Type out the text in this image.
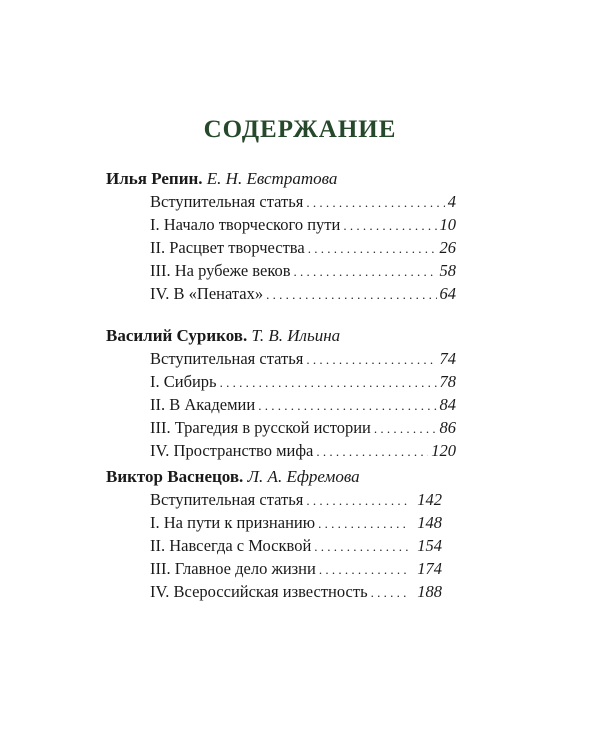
СОДЕРЖАНИЕ
Илья Репин. Е. Н. Евстратова
Вступительная статья . . .	4
I. Начало творческого пути . . .	10
II. Расцвет творчества . . .	26
III. На рубеже веков . . .	58
IV. В «Пенатах» . . .	64
Василий Суриков. Т. В. Ильина
Вступительная статья . . .	74
I. Сибирь . . .	78
II. В Академии . . .	84
III. Трагедия в русской истории . . .	86
IV. Пространство мифа . . .	120
Виктор Васнецов. Л. А. Ефремова
Вступительная статья . . .	142
I. На пути к признанию . . .	148
II. Навсегда с Москвой . . .	154
III. Главное дело жизни . . .	174
IV. Всероссийская известность . . .	188
